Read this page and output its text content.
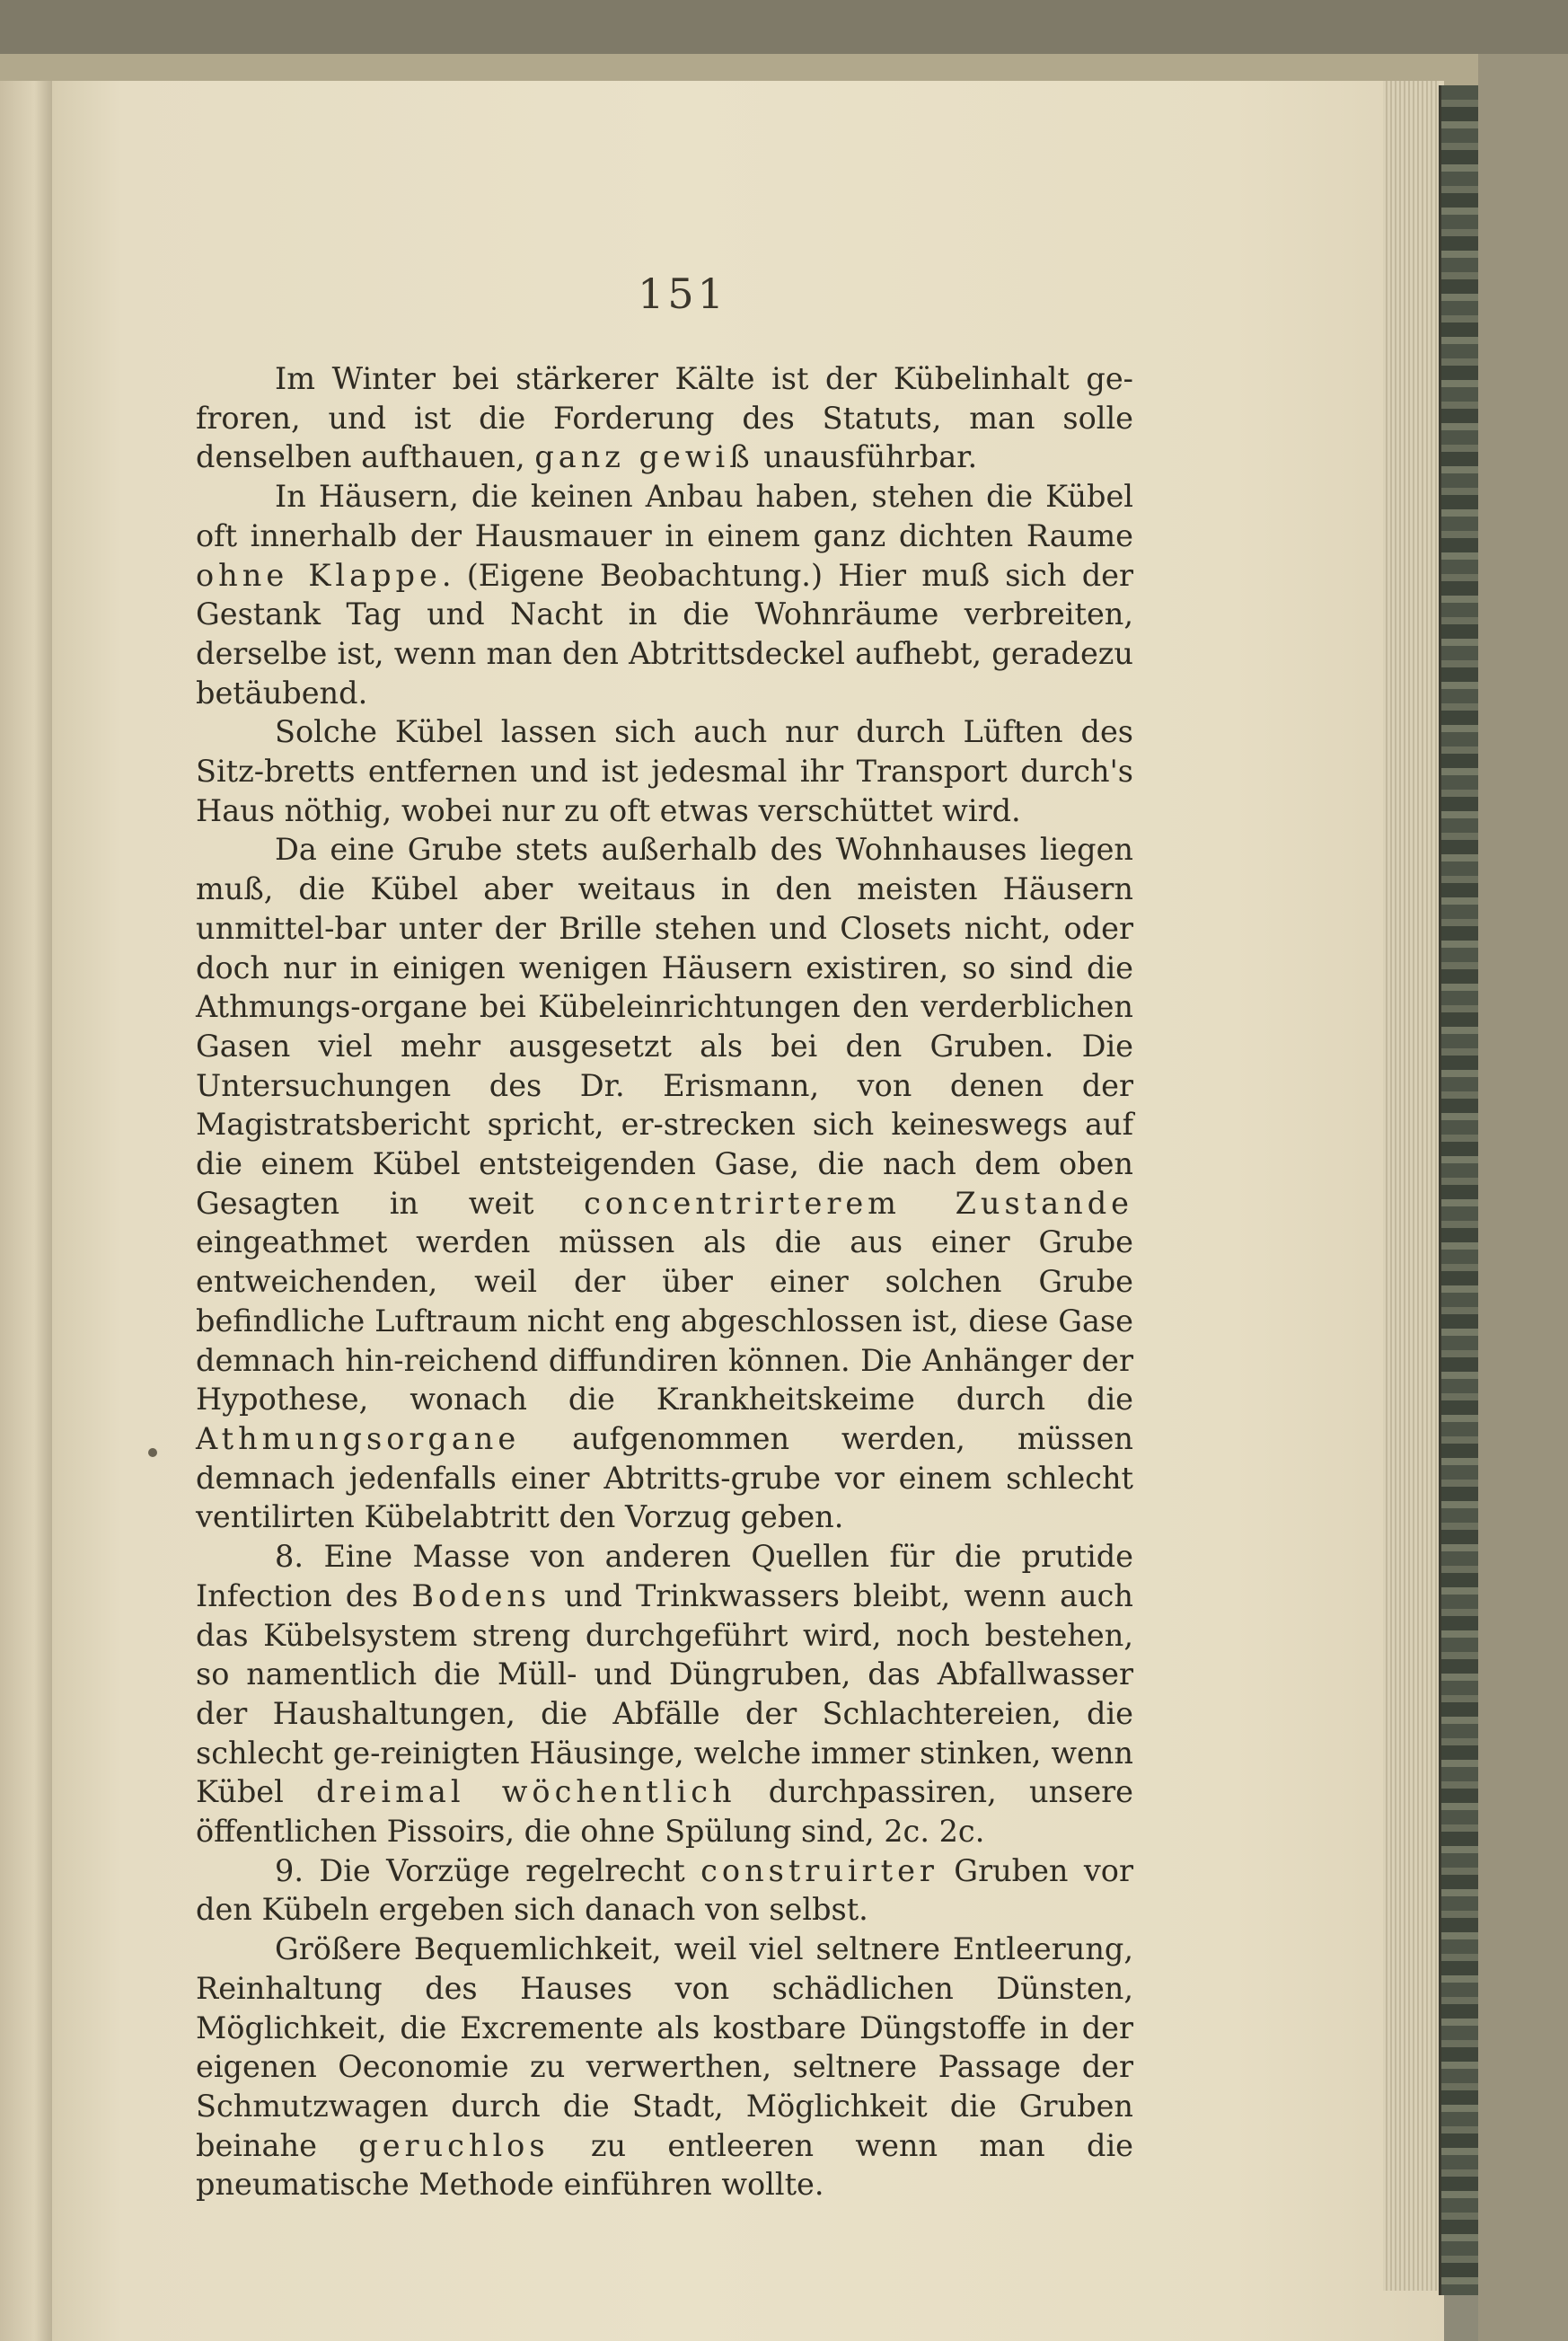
151

Im Winter bei stärkerer Kälte ist der Kübelinhalt ge-froren, und ist die Forderung des Statuts, man solle denselben aufthauen, ganz gewiß unausführbar.

In Häusern, die keinen Anbau haben, stehen die Kübel oft innerhalb der Hausmauer in einem ganz dichten Raume ohne Klappe. (Eigene Beobachtung.) Hier muß sich der Gestank Tag und Nacht in die Wohnräume verbreiten, derselbe ist, wenn man den Abtrittsdeckel aufhebt, geradezu betäubend.

Solche Kübel lassen sich auch nur durch Lüften des Sitz-bretts entfernen und ist jedesmal ihr Transport durch's Haus nöthig, wobei nur zu oft etwas verschüttet wird.

Da eine Grube stets außerhalb des Wohnhauses liegen muß, die Kübel aber weitaus in den meisten Häusern unmittel-bar unter der Brille stehen und Closets nicht, oder doch nur in einigen wenigen Häusern existiren, so sind die Athmungs-organe bei Kübeleinrichtungen den verderblichen Gasen viel mehr ausgesetzt als bei den Gruben. Die Untersuchungen des Dr. Erismann, von denen der Magistratsbericht spricht, er-strecken sich keineswegs auf die einem Kübel entsteigenden Gase, die nach dem oben Gesagten in weit concentrirterem Zustande eingeathmet werden müssen als die aus einer Grube entweichenden, weil der über einer solchen Grube befindliche Luftraum nicht eng abgeschlossen ist, diese Gase demnach hin-reichend diffundiren können. Die Anhänger der Hypothese, wonach die Krankheitskeime durch die Athmungsorgane aufgenommen werden, müssen demnach jedenfalls einer Abtritts-grube vor einem schlecht ventilirten Kübelabtritt den Vorzug geben.

8. Eine Masse von anderen Quellen für die prutide Infection des Bodens und Trinkwassers bleibt, wenn auch das Kübelsystem streng durchgeführt wird, noch bestehen, so namentlich die Müll- und Düngruben, das Abfallwasser der Haushaltungen, die Abfälle der Schlachtereien, die schlecht ge-reinigten Häusinge, welche immer stinken, wenn Kübel dreimal wöchentlich durchpassiren, unsere öffentlichen Pissoirs, die ohne Spülung sind, 2c. 2c.

9. Die Vorzüge regelrecht construirter Gruben vor den Kübeln ergeben sich danach von selbst.

Größere Bequemlichkeit, weil viel seltnere Entleerung, Reinhaltung des Hauses von schädlichen Dünsten, Möglichkeit, die Excremente als kostbare Düngstoffe in der eigenen Oeconomie zu verwerthen, seltnere Passage der Schmutzwagen durch die Stadt, Möglichkeit die Gruben beinahe geruchlos zu entleeren wenn man die pneumatische Methode einführen wollte.
